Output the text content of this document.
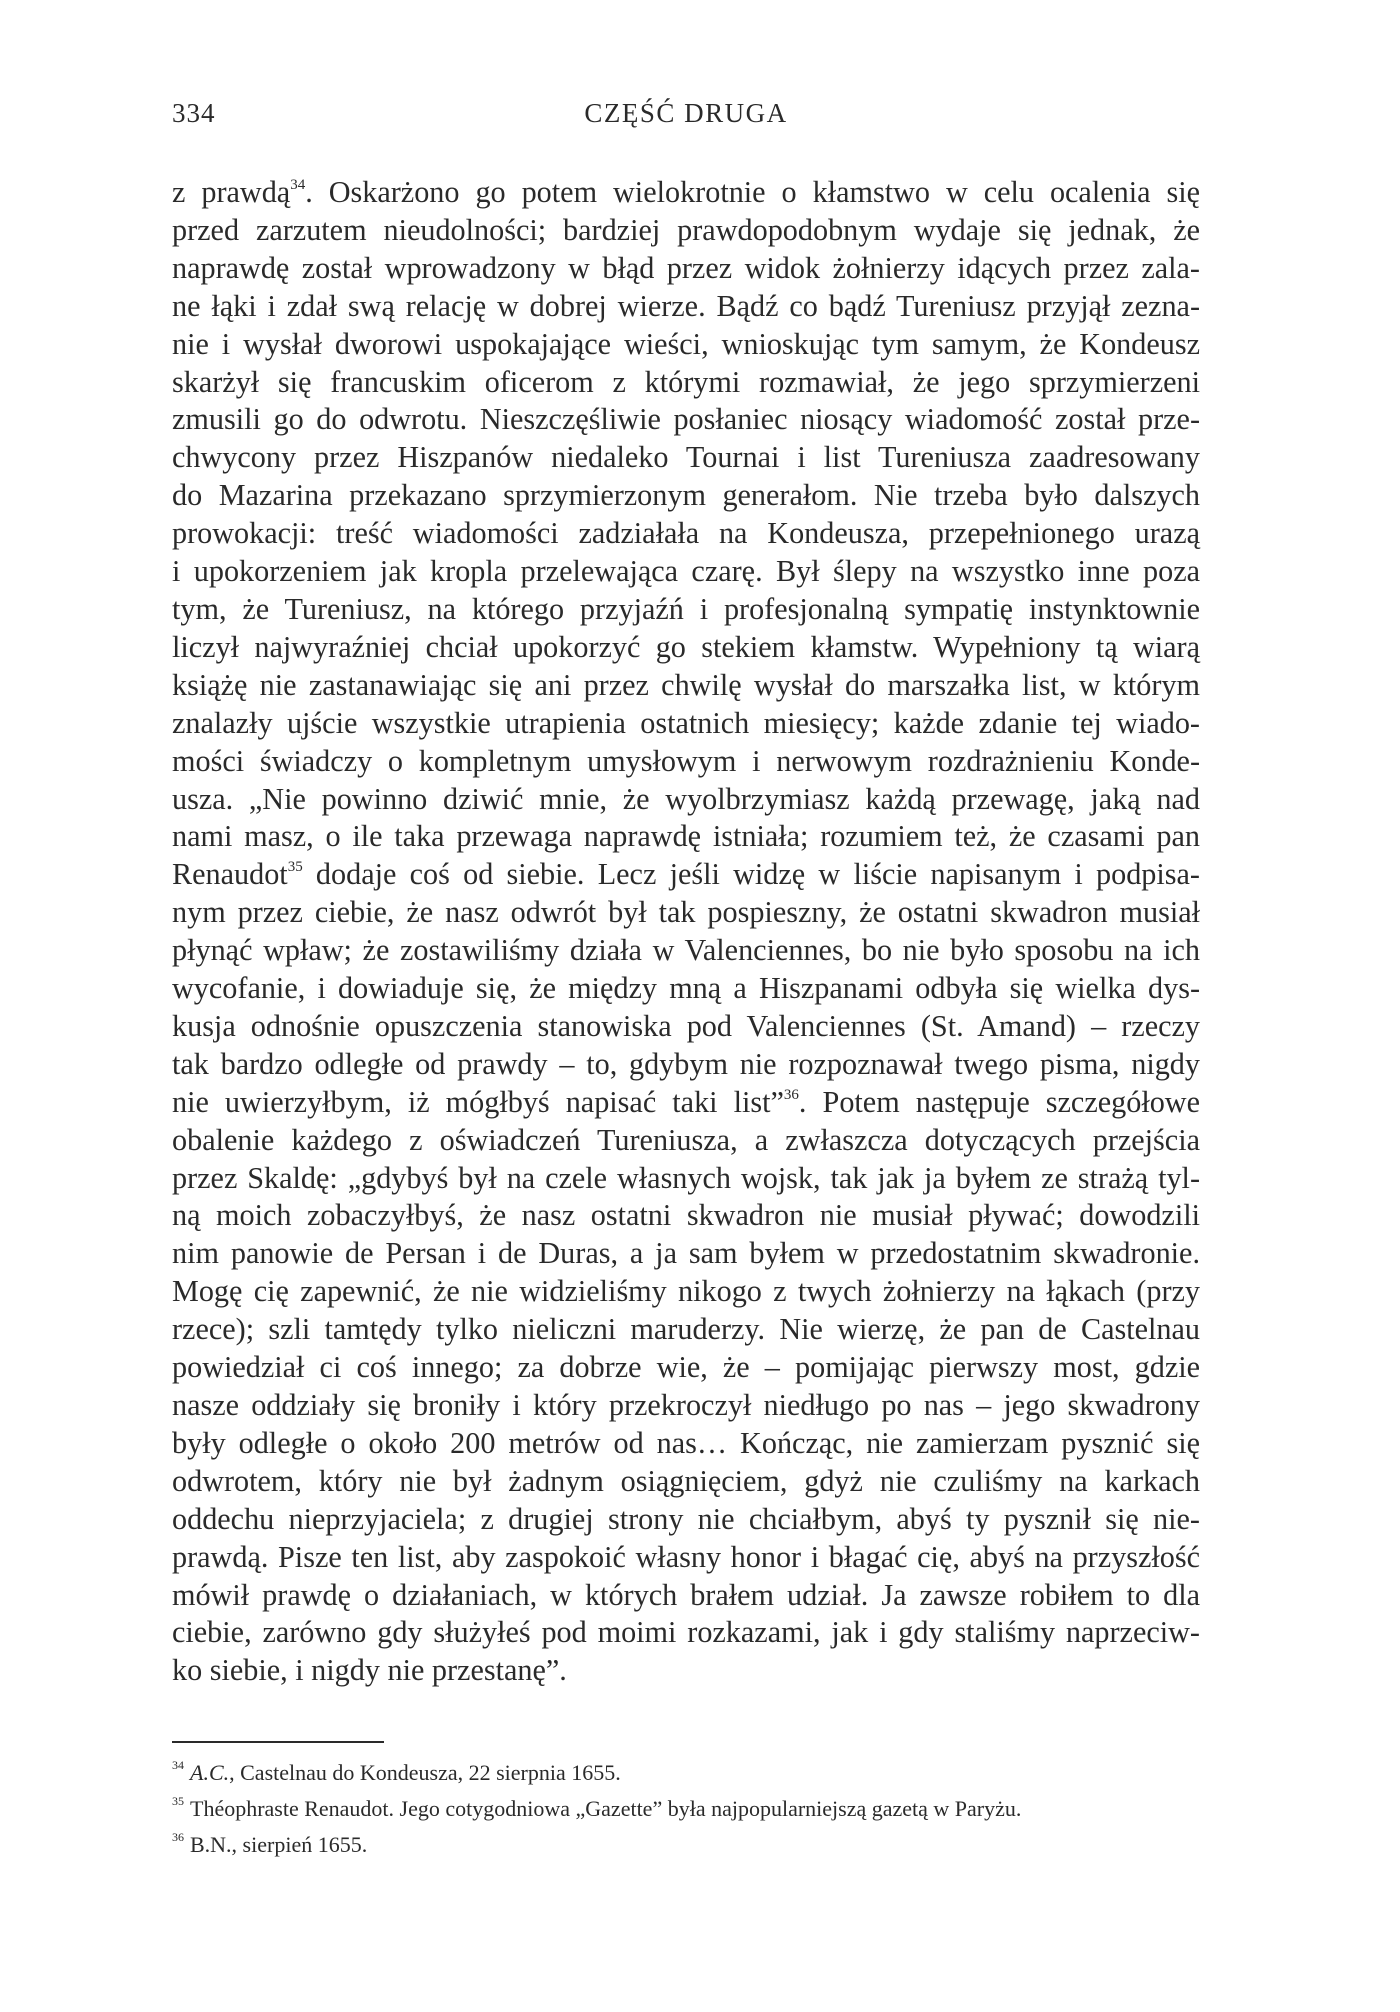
334	CZĘŚĆ DRUGA
z prawdą$^{34}$. Oskarżono go potem wielokrotnie o kłamstwo w celu ocalenia się
przed zarzutem nieudolności; bardziej prawdopodobnym wydaje się jednak, że
naprawdę został wprowadzony w błąd przez widok żołnierzy idących przez zala-
ne łąki i zdał swą relację w dobrej wierze. Bądź co bądź Tureniusz przyjął zezna-
nie i wysłał dworowi uspokajające wieści, wnioskując tym samym, że Kondeusz
skarżył się francuskim oficerom z którymi rozmawiał, że jego sprzymierzeni
zmusili go do odwrotu. Nieszczęśliwie posłaniec niosący wiadomość został prze-
chwycony przez Hiszpanów niedaleko Tournai i list Tureniusza zaadresowany
do Mazarina przekazano sprzymierzonym generałom. Nie trzeba było dalszych
prowokacji: treść wiadomości zadziałała na Kondeusza, przepełnionego urazą
i upokorzeniem jak kropla przelewająca czarę. Był ślepy na wszystko inne poza
tym, że Tureniusz, na którego przyjaźń i profesjonalną sympatię instynktownie
liczył najwyraźniej chciał upokorzyć go stekiem kłamstw. Wypełniony tą wiarą
książę nie zastanawiając się ani przez chwilę wysłał do marszałka list, w którym
znalazły ujście wszystkie utrapienia ostatnich miesięcy; każde zdanie tej wiado-
mości świadczy o kompletnym umysłowym i nerwowym rozdrażnieniu Konde-
usza. „Nie powinno dziwić mnie, że wyolbrzymiasz każdą przewagę, jaką nad
nami masz, o ile taka przewaga naprawdę istniała; rozumiem też, że czasami pan
Renaudot$^{35}$ dodaje coś od siebie. Lecz jeśli widzę w liście napisanym i podpisa-
nym przez ciebie, że nasz odwrót był tak pospieszny, że ostatni skwadron musiał
płynąć wpław; że zostawiliśmy działa w Valenciennes, bo nie było sposobu na ich
wycofanie, i dowiaduje się, że między mną a Hiszpanami odbyła się wielka dys-
kusja odnośnie opuszczenia stanowiska pod Valenciennes (St. Amand) – rzeczy
tak bardzo odległe od prawdy – to, gdybym nie rozpoznawał twego pisma, nigdy
nie uwierzyłbym, iż mógłbyś napisać taki list”$^{36}$. Potem następuje szczegółowe
obalenie każdego z oświadczeń Tureniusza, a zwłaszcza dotyczących przejścia
przez Skaldę: „gdybyś był na czele własnych wojsk, tak jak ja byłem ze strażą tyl-
ną moich zobaczyłbyś, że nasz ostatni skwadron nie musiał pływać; dowodzili
nim panowie de Persan i de Duras, a ja sam byłem w przedostatnim skwadronie.
Mogę cię zapewnić, że nie widzieliśmy nikogo z twych żołnierzy na łąkach (przy
rzece); szli tamtędy tylko nieliczni maruderzy. Nie wierzę, że pan de Castelnau
powiedział ci coś innego; za dobrze wie, że – pomijając pierwszy most, gdzie
nasze oddziały się broniły i który przekroczył niedługo po nas – jego skwadrony
były odległe o około 200 metrów od nas… Kończąc, nie zamierzam pysznić się
odwrotem, który nie był żadnym osiągnięciem, gdyż nie czuliśmy na karkach
oddechu nieprzyjaciela; z drugiej strony nie chciałbym, abyś ty pysznił się nie-
prawdą. Pisze ten list, aby zaspokoić własny honor i błagać cię, abyś na przyszłość
mówił prawdę o działaniach, w których brałem udział. Ja zawsze robiłem to dla
ciebie, zarówno gdy służyłeś pod moimi rozkazami, jak i gdy staliśmy naprzeciw-
ko siebie, i nigdy nie przestanę”.
$^{34}$ A.C., Castelnau do Kondeusza, 22 sierpnia 1655.
$^{35}$ Théophraste Renaudot. Jego cotygodniowa „Gazette” była najpopularniejszą gazetą w Paryżu.
$^{36}$ B.N., sierpień 1655.
